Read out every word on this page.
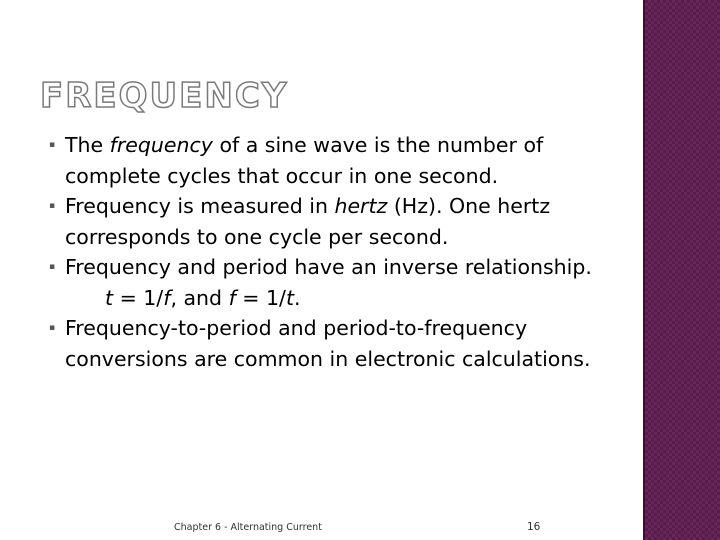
FREQUENCY
▪ The frequency of a sine wave is the number of complete cycles that occur in one second.
▪ Frequency is measured in hertz (Hz). One hertz corresponds to one cycle per second.
▪ Frequency and period have an inverse relationship.t = 1/f, and f = 1/t.
▪ Frequency-to-period and period-to-frequency conversions are common in electronic calculations.
Chapter 6 - Alternating Current	16
